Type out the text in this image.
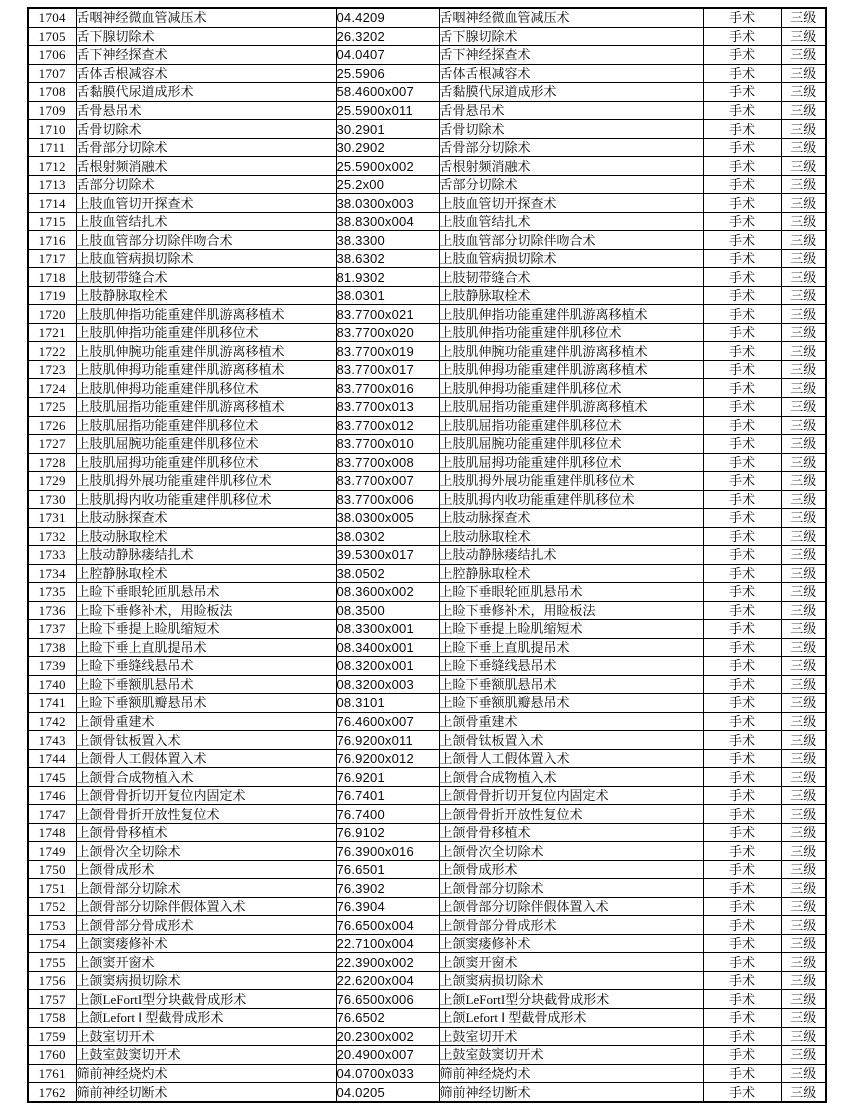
1704	舌咽神经微血管减压术	04.4209	舌咽神经微血管减压术	手术	三级
1705	舌下腺切除术	26.3202	舌下腺切除术	手术	三级
1706	舌下神经探查术	04.0407	舌下神经探查术	手术	三级
1707	舌体舌根减容术	25.5906	舌体舌根减容术	手术	三级
1708	舌黏膜代尿道成形术	58.4600x007	舌黏膜代尿道成形术	手术	三级
1709	舌骨悬吊术	25.5900x011	舌骨悬吊术	手术	三级
1710	舌骨切除术	30.2901	舌骨切除术	手术	三级
1711	舌骨部分切除术	30.2902	舌骨部分切除术	手术	三级
1712	舌根射频消融术	25.5900x002	舌根射频消融术	手术	三级
1713	舌部分切除术	25.2x00	舌部分切除术	手术	三级
1714	上肢血管切开探查术	38.0300x003	上肢血管切开探查术	手术	三级
1715	上肢血管结扎术	38.8300x004	上肢血管结扎术	手术	三级
1716	上肢血管部分切除伴吻合术	38.3300	上肢血管部分切除伴吻合术	手术	三级
1717	上肢血管病损切除术	38.6302	上肢血管病损切除术	手术	三级
1718	上肢韧带缝合术	81.9302	上肢韧带缝合术	手术	三级
1719	上肢静脉取栓术	38.0301	上肢静脉取栓术	手术	三级
1720	上肢肌伸指功能重建伴肌游离移植术	83.7700x021	上肢肌伸指功能重建伴肌游离移植术	手术	三级
1721	上肢肌伸指功能重建伴肌移位术	83.7700x020	上肢肌伸指功能重建伴肌移位术	手术	三级
1722	上肢肌伸腕功能重建伴肌游离移植术	83.7700x019	上肢肌伸腕功能重建伴肌游离移植术	手术	三级
1723	上肢肌伸拇功能重建伴肌游离移植术	83.7700x017	上肢肌伸拇功能重建伴肌游离移植术	手术	三级
1724	上肢肌伸拇功能重建伴肌移位术	83.7700x016	上肢肌伸拇功能重建伴肌移位术	手术	三级
1725	上肢肌屈指功能重建伴肌游离移植术	83.7700x013	上肢肌屈指功能重建伴肌游离移植术	手术	三级
1726	上肢肌屈指功能重建伴肌移位术	83.7700x012	上肢肌屈指功能重建伴肌移位术	手术	三级
1727	上肢肌屈腕功能重建伴肌移位术	83.7700x010	上肢肌屈腕功能重建伴肌移位术	手术	三级
1728	上肢肌屈拇功能重建伴肌移位术	83.7700x008	上肢肌屈拇功能重建伴肌移位术	手术	三级
1729	上肢肌拇外展功能重建伴肌移位术	83.7700x007	上肢肌拇外展功能重建伴肌移位术	手术	三级
1730	上肢肌拇内收功能重建伴肌移位术	83.7700x006	上肢肌拇内收功能重建伴肌移位术	手术	三级
1731	上肢动脉探查术	38.0300x005	上肢动脉探查术	手术	三级
1732	上肢动脉取栓术	38.0302	上肢动脉取栓术	手术	三级
1733	上肢动静脉瘘结扎术	39.5300x017	上肢动静脉瘘结扎术	手术	三级
1734	上腔静脉取栓术	38.0502	上腔静脉取栓术	手术	三级
1735	上睑下垂眼轮匝肌悬吊术	08.3600x002	上睑下垂眼轮匝肌悬吊术	手术	三级
1736	上睑下垂修补术，用睑板法	08.3500	上睑下垂修补术，用睑板法	手术	三级
1737	上睑下垂提上睑肌缩短术	08.3300x001	上睑下垂提上睑肌缩短术	手术	三级
1738	上睑下垂上直肌提吊术	08.3400x001	上睑下垂上直肌提吊术	手术	三级
1739	上睑下垂缝线悬吊术	08.3200x001	上睑下垂缝线悬吊术	手术	三级
1740	上睑下垂额肌悬吊术	08.3200x003	上睑下垂额肌悬吊术	手术	三级
1741	上睑下垂额肌瓣悬吊术	08.3101	上睑下垂额肌瓣悬吊术	手术	三级
1742	上颌骨重建术	76.4600x007	上颌骨重建术	手术	三级
1743	上颌骨钛板置入术	76.9200x011	上颌骨钛板置入术	手术	三级
1744	上颌骨人工假体置入术	76.9200x012	上颌骨人工假体置入术	手术	三级
1745	上颌骨合成物植入术	76.9201	上颌骨合成物植入术	手术	三级
1746	上颌骨骨折切开复位内固定术	76.7401	上颌骨骨折切开复位内固定术	手术	三级
1747	上颌骨骨折开放性复位术	76.7400	上颌骨骨折开放性复位术	手术	三级
1748	上颌骨骨移植术	76.9102	上颌骨骨移植术	手术	三级
1749	上颌骨次全切除术	76.3900x016	上颌骨次全切除术	手术	三级
1750	上颌骨成形术	76.6501	上颌骨成形术	手术	三级
1751	上颌骨部分切除术	76.3902	上颌骨部分切除术	手术	三级
1752	上颌骨部分切除伴假体置入术	76.3904	上颌骨部分切除伴假体置入术	手术	三级
1753	上颌骨部分骨成形术	76.6500x004	上颌骨部分骨成形术	手术	三级
1754	上颌窦瘘修补术	22.7100x004	上颌窦瘘修补术	手术	三级
1755	上颌窦开窗术	22.3900x002	上颌窦开窗术	手术	三级
1756	上颌窦病损切除术	22.6200x004	上颌窦病损切除术	手术	三级
1757	上颌LeFortI型分块截骨成形术	76.6500x006	上颌LeFortI型分块截骨成形术	手术	三级
1758	上颌Lefort Ⅰ 型截骨成形术	76.6502	上颌Lefort Ⅰ 型截骨成形术	手术	三级
1759	上鼓室切开术	20.2300x002	上鼓室切开术	手术	三级
1760	上鼓室鼓窦切开术	20.4900x007	上鼓室鼓窦切开术	手术	三级
1761	筛前神经烧灼术	04.0700x033	筛前神经烧灼术	手术	三级
1762	筛前神经切断术	04.0205	筛前神经切断术	手术	三级
